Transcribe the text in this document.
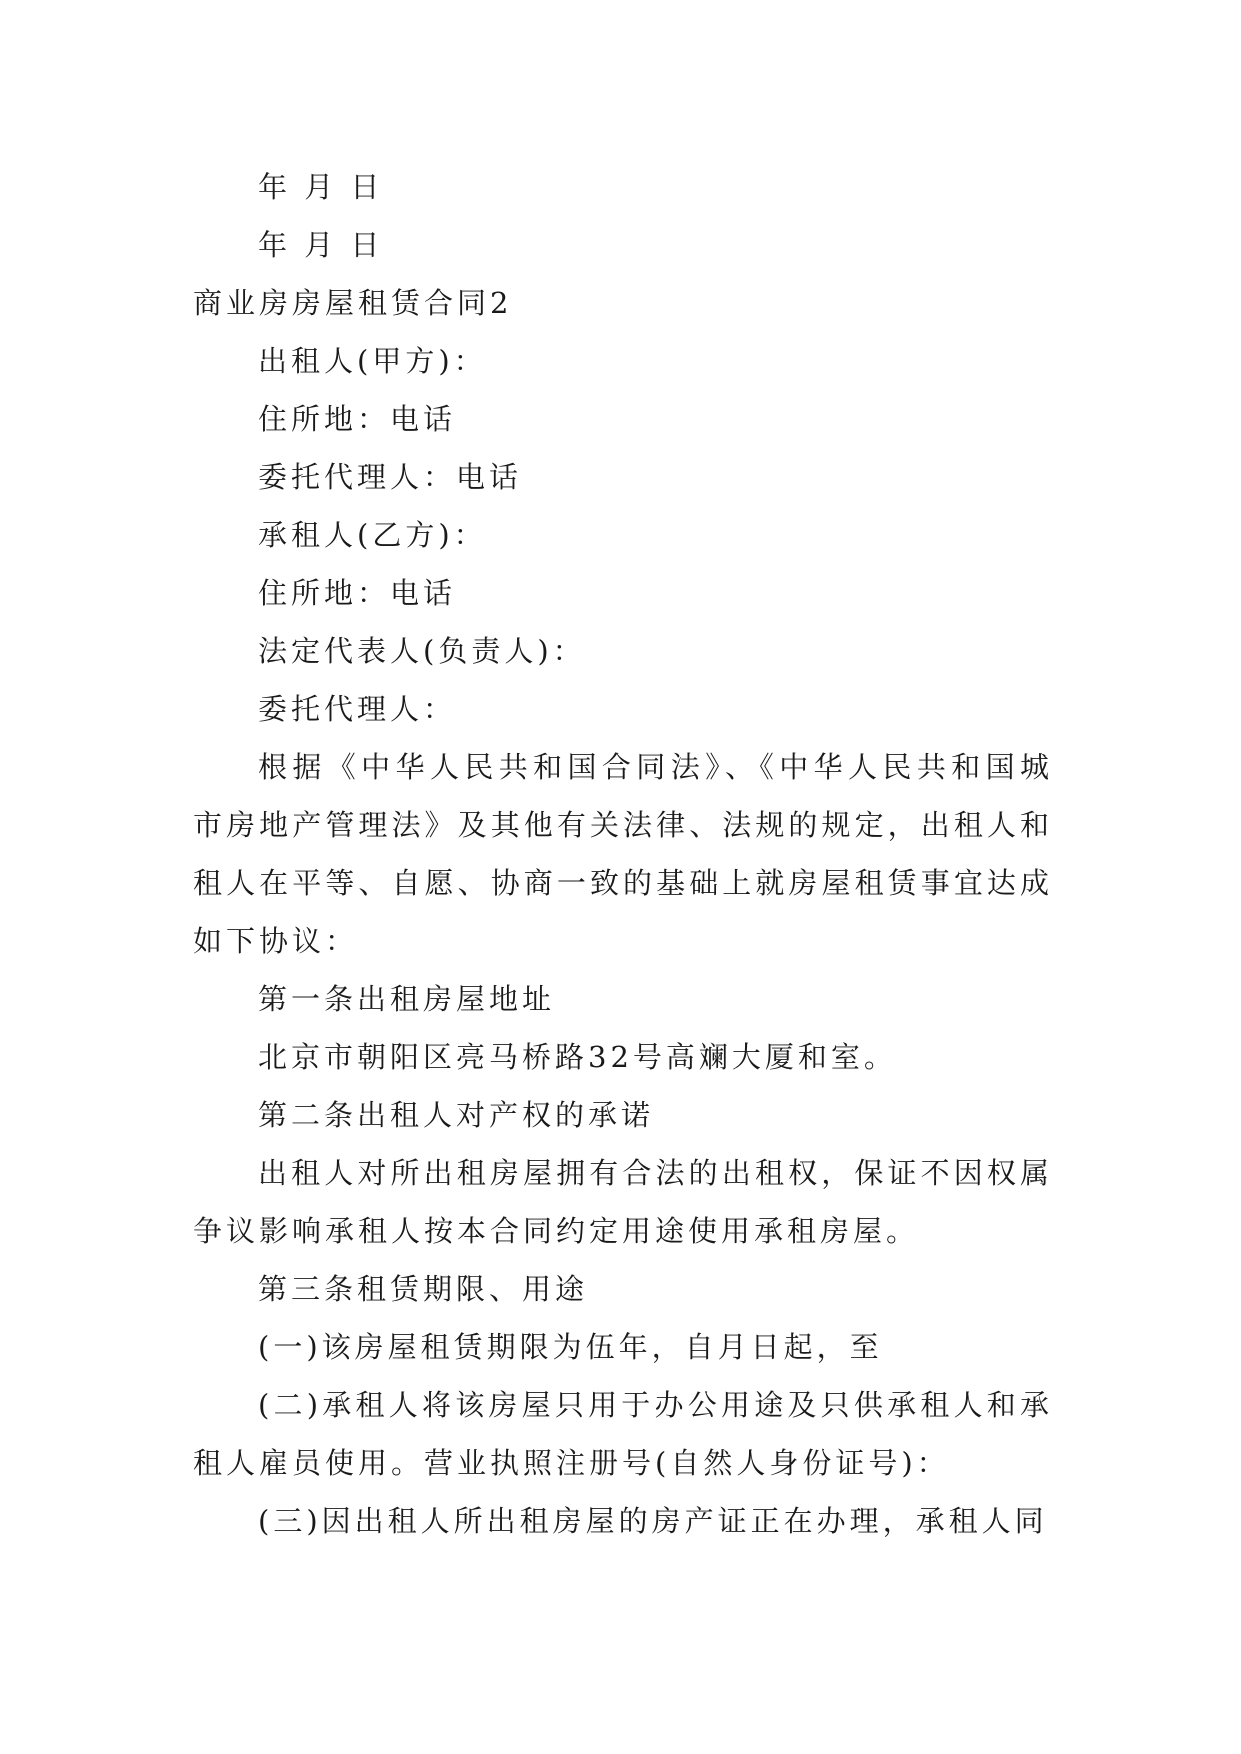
年 月 日

年 月 日

商业房房屋租赁合同2

出租人(甲方)：

住所地：电话

委托代理人：电话

承租人(乙方)：

住所地：电话

法定代表人(负责人)：

委托代理人：

根据《中华人民共和国合同法》、《中华人民共和国城市房地产管理法》及其他有关法律、法规的规定，出租人和租人在平等、自愿、协商一致的基础上就房屋租赁事宜达成如下协议：

第一条出租房屋地址

北京市朝阳区亮马桥路32号高斓大厦和室。

第二条出租人对产权的承诺

出租人对所出租房屋拥有合法的出租权，保证不因权属争议影响承租人按本合同约定用途使用承租房屋。

第三条租赁期限、用途

(一)该房屋租赁期限为伍年，自月日起，至

(二)承租人将该房屋只用于办公用途及只供承租人和承租人雇员使用。营业执照注册号(自然人身份证号)：

(三)因出租人所出租房屋的房产证正在办理，承租人同
